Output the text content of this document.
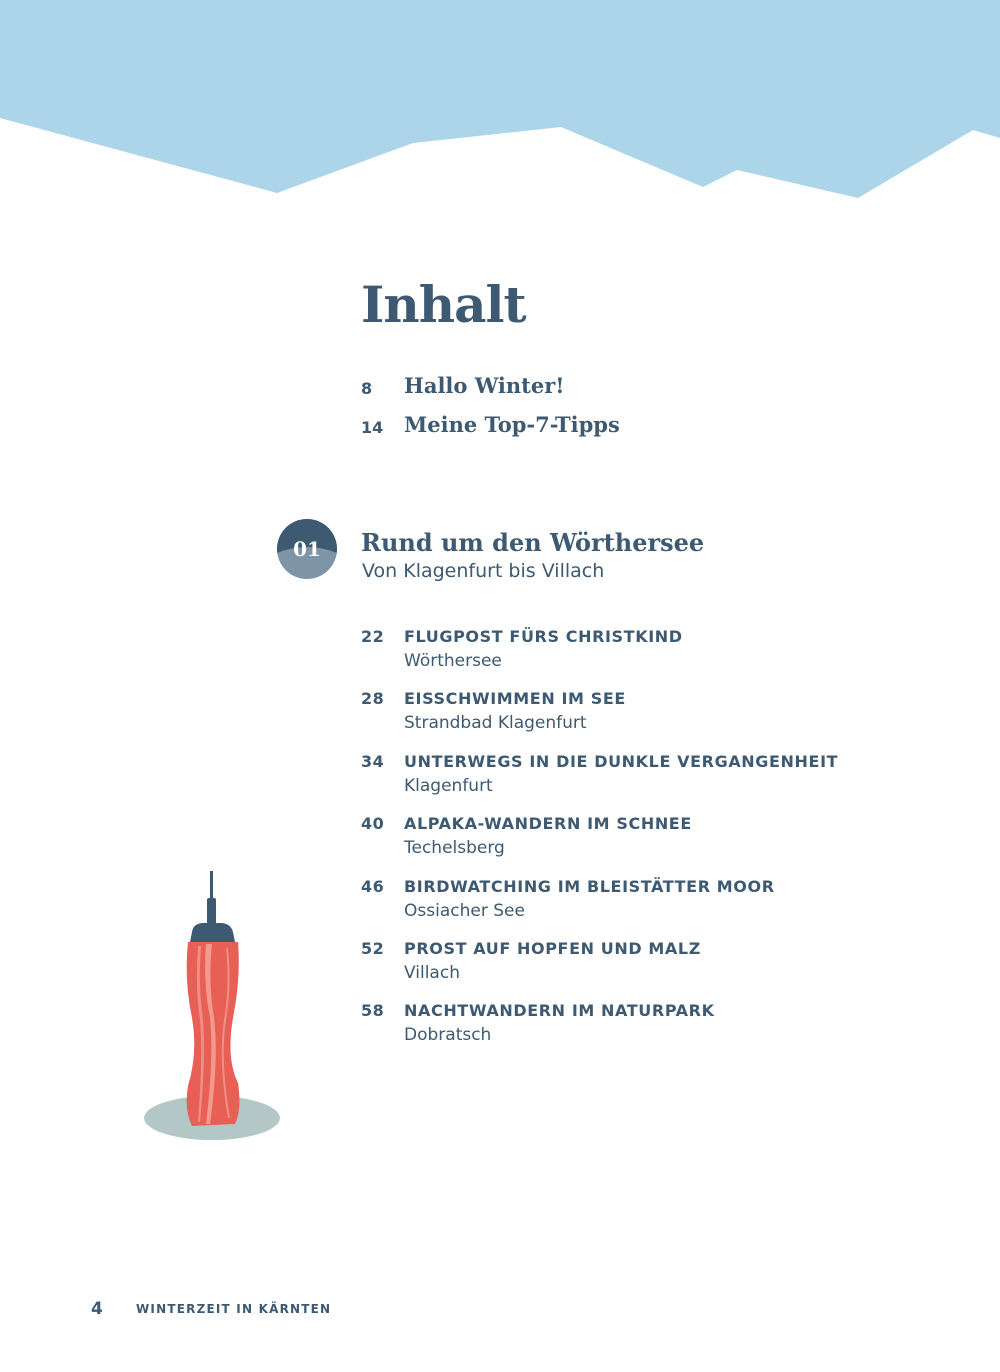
Inhalt
8	Hallo Winter!
14 Meine Top-7-Tipps
01	Rund um den Wörthersee
Von Klagenfurt bis Villach
22	FLUGPOST FÜRS CHRISTKIND
Wörthersee
28	EISSCHWIMMEN IM SEE
Strandbad Klagenfurt
34	UNTERWEGS IN DIE DUNKLE VERGANGENHEIT
Klagenfurt
40	ALPAKA-WANDERN IM SCHNEE
Techelsberg
46	BIRDWATCHING IM BLEISTÄTTER MOOR
Ossiacher See
52	PROST AUF HOPFEN UND MALZ
Villach
58	NACHTWANDERN IM NATURPARK
Dobratsch
4	WINTERZEIT IN KÄRNTEN
